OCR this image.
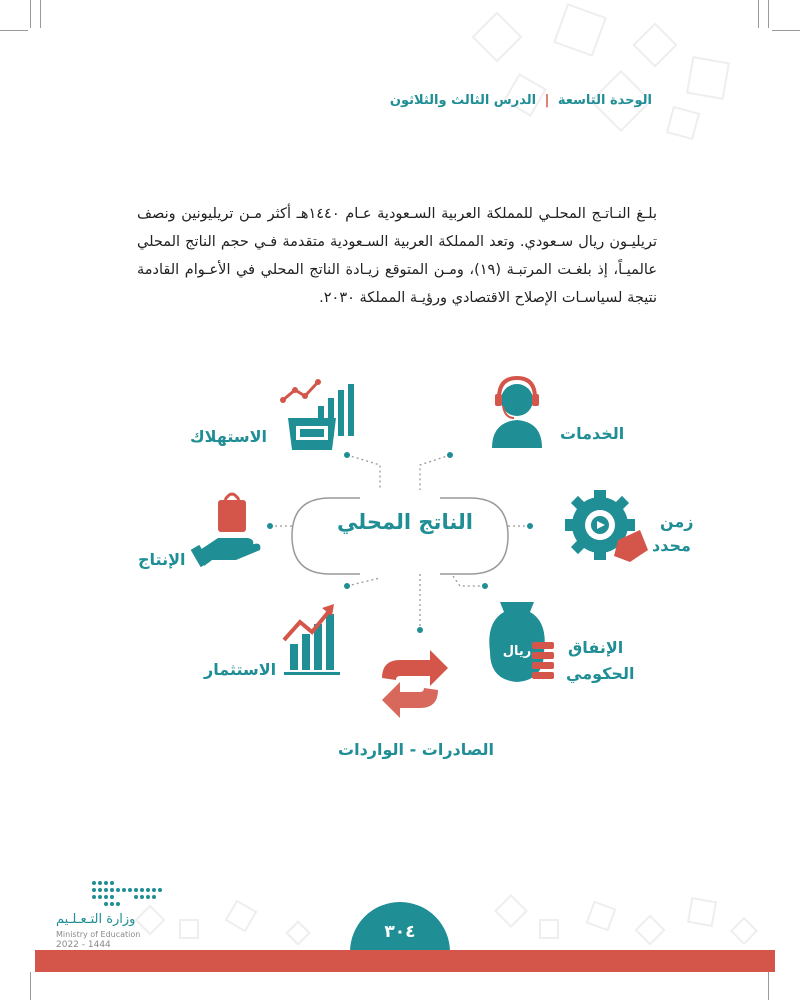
الوحدة التاسعة | الدرس الثالث والثلاثون

بلـغ النـاتـج المحلـي للمملكة العربية السـعودية عـام ١٤٤٠هـ أكثر مـن تريليونين ونصف تريليـون ريال سـعودي. وتعد المملكة العربية السـعودية متقدمة فـي حجم الناتج المحلي عالميـاً، إذ بلغـت المرتبـة (١٩)، ومـن المتوقع زيـادة الناتج المحلي في الأعـوام القادمة نتيجة لسياسـات الإصلاح الاقتصادي ورؤيـة المملكة ٢٠٣٠.

الناتج المحلي
الاستهلاك	الخدمات
الإنتاج
زمن
محدد
الاستثمار
الإنفاق
الحكومي
الصادرات - الواردات
ريال
وزارة التـعـلـيم
Ministry of Education
2022 - 1444
٣٠٤
